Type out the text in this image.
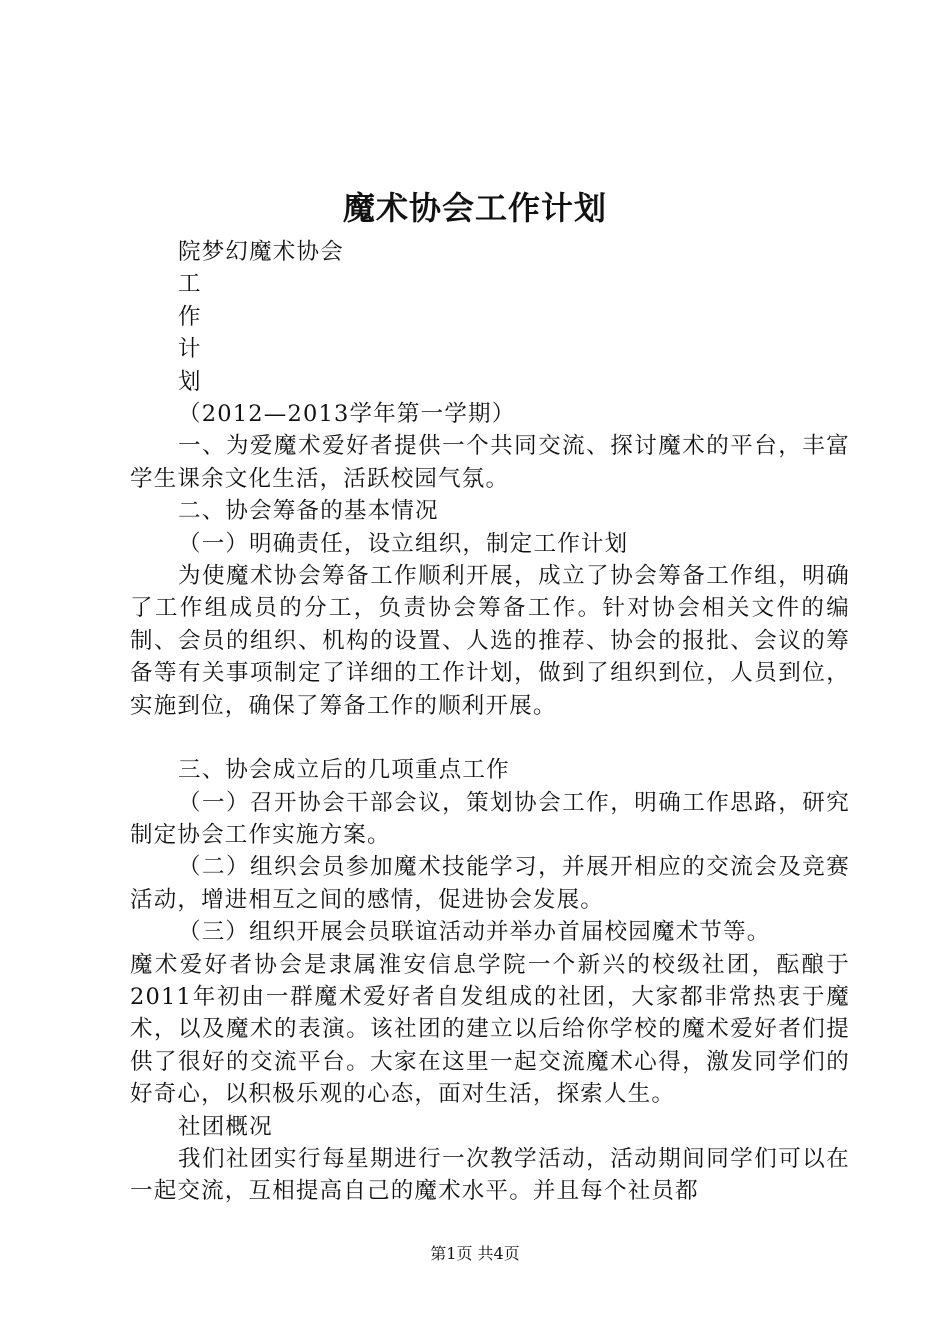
魔术协会工作计划

院梦幻魔术协会

工

作

计

划

（2012—2013学年第一学期）

一、为爱魔术爱好者提供一个共同交流、探讨魔术的平台，丰富学生课余文化生活，活跃校园气氛。

二、协会筹备的基本情况

（一）明确责任，设立组织，制定工作计划

为使魔术协会筹备工作顺利开展，成立了协会筹备工作组，明确了工作组成员的分工，负责协会筹备工作。针对协会相关文件的编制、会员的组织、机构的设置、人选的推荐、协会的报批、会议的筹备等有关事项制定了详细的工作计划，做到了组织到位，人员到位，实施到位，确保了筹备工作的顺利开展。

三、协会成立后的几项重点工作

（一）召开协会干部会议，策划协会工作，明确工作思路，研究制定协会工作实施方案。

（二）组织会员参加魔术技能学习，并展开相应的交流会及竞赛活动，增进相互之间的感情，促进协会发展。

（三）组织开展会员联谊活动并举办首届校园魔术节等。

魔术爱好者协会是隶属淮安信息学院一个新兴的校级社团，酝酿于2011年初由一群魔术爱好者自发组成的社团，大家都非常热衷于魔术，以及魔术的表演。该社团的建立以后给你学校的魔术爱好者们提供了很好的交流平台。大家在这里一起交流魔术心得，激发同学们的好奇心，以积极乐观的心态，面对生活，探索人生。

社团概况

我们社团实行每星期进行一次教学活动，活动期间同学们可以在一起交流，互相提高自己的魔术水平。并且每个社员都

第1页 共4页
